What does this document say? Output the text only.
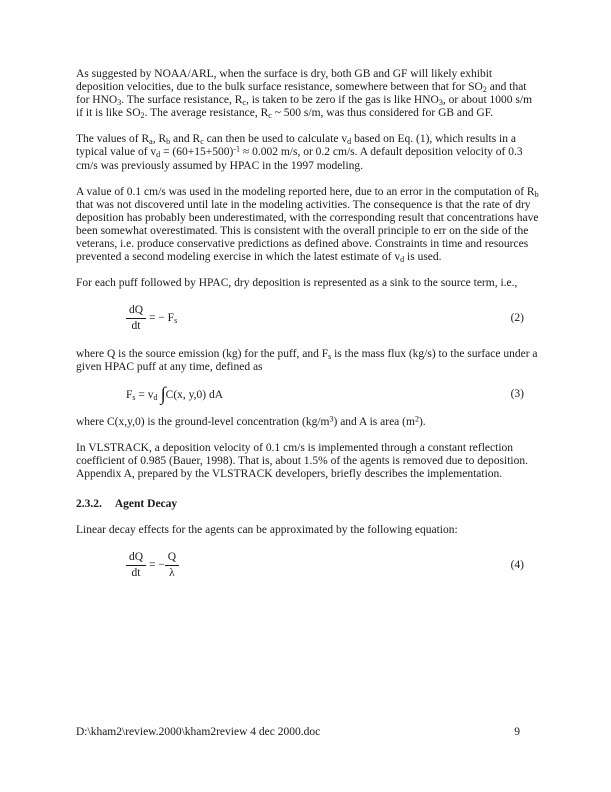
As suggested by NOAA/ARL, when the surface is dry, both GB and GF will likely exhibit deposition velocities, due to the bulk surface resistance, somewhere between that for $SO_2$ and that for $HNO_3$. The surface resistance, $R_c$, is taken to be zero if the gas is like $HNO_3$, or about 1000 s/m if it is like $SO_2$. The average resistance, $R_c$ ~ 500 s/m, was thus considered for GB and GF.

The values of $R_a$, $R_b$ and $R_c$ can then be used to calculate $v_d$ based on Eq. (1), which results in a typical value of $v_d = (60+15+500)^{-1} \approx 0.002$ m/s, or 0.2 cm/s. A default deposition velocity of 0.3 cm/s was previously assumed by HPAC in the 1997 modeling.

A value of 0.1 cm/s was used in the modeling reported here, due to an error in the computation of $R_b$ that was not discovered until late in the modeling activities. The consequence is that the rate of dry deposition has probably been underestimated, with the corresponding result that concentrations have been somewhat overestimated. This is consistent with the overall principle to err on the side of the veterans, i.e. produce conservative predictions as defined above. Constraints in time and resources prevented a second modeling exercise in which the latest estimate of $v_d$ is used.

For each puff followed by HPAC, dry deposition is represented as a sink to the source term, i.e.,

$\frac{dQ}{dt}$ = − $F_s$	(2)

where Q is the source emission (kg) for the puff, and $F_s$ is the mass flux (kg/s) to the surface under a given HPAC puff at any time, defined as

$F_s = v_d$ ∫C(x, y,0) dA	(3)

where C(x,y,0) is the ground-level concentration $(kg/m^3)$ and A is area $(m^2)$.

In VLSTRACK, a deposition velocity of 0.1 cm/s is implemented through a constant reflection coefficient of 0.985 (Bauer, 1998). That is, about 1.5% of the agents is removed due to deposition. Appendix A, prepared by the VLSTRACK developers, briefly describes the implementation.

2.3.2. Agent Decay

Linear decay effects for the agents can be approximated by the following equation:

$\frac{dQ}{dt}$ = − $\frac{Q}{\lambda}$	(4)
D:\kham2\review.2000\kham2review 4 dec 2000.doc	9
